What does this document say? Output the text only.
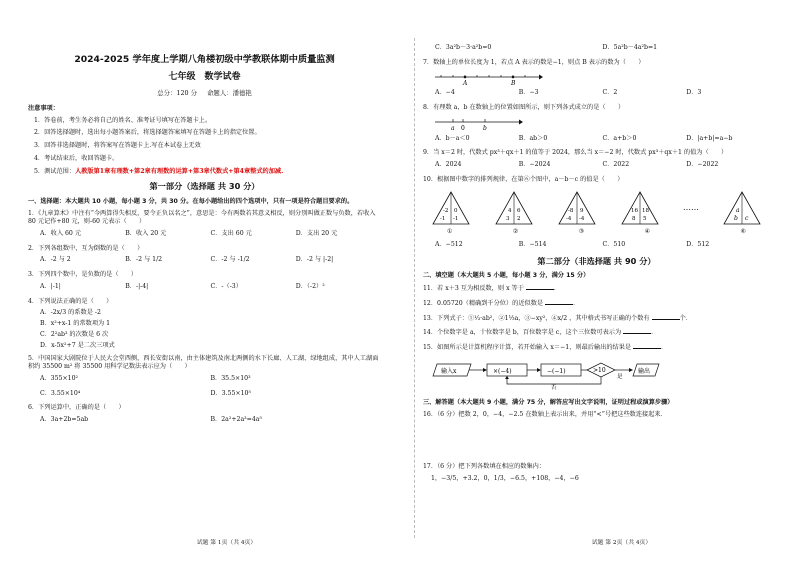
2024-2025 学年度上学期八角楼初级中学教联体期中质量监测
七年级　数学试卷
总分：120 分 命题人：潘德艳
注意事项：
1．答卷前，考生务必将自己的姓名、准考证号填写在答题卡上。
2．回答选择题时，选出每小题答案后，将选择题答案填写在答题卡上的指定位置。
3．回答非选择题时，将答案写在答题卡上.写在本试卷上无效
4．考试结束后，收回答题卡。
5．测试范围：人教版第1章有理数+第2章有理数的运算+第3章代数式+第4章整式的加减.
第一部分（选择题 共 30 分）
一、选择题：本大题共 10 小题，每小题 3 分，共 30 分。在每小题给出的四个选项中，只有一项是符合题目要求的。
1．《九章算术》中注有“今两算得失相反，要令正负以名之”，意思是：今有两数若其意义相反，则分别叫做正数与负数，若收入 80 元记作+80 元，则-60 元表示（　　）
A．收入 60 元	B．收入 20 元	C．支出 60 元	D．支出 20 元
2．下列各组数中，互为倒数的是（　　）
A．-2 与 2	B．-2 与 1/2	C．-2 与 -1/2	D．-2 与 |-2|
3．下列四个数中，是负数的是（　　）
A．|-1|	B．-|-4|	C．-（-3）	D．（-2）²
4．下列说法正确的是（　　）
A．-2x/3 的系数是 -2
B．x²+x-1 的常数项为 1
C．2²ab³ 的次数是 6 次
D．x-5x²+7 是二次三项式
5．中国国家大剧院位于人民大会堂西侧，西长安街以南，由主体建筑及南北两侧的水下长廊、人工湖、绿地组成，其中人工湖面积约 35500 m² 将 35500 用科学记数法表示应为（　　）
A．355×10²	B．35.5×10³
C．3.55×10⁴	D．3.55×10⁵
6．下列运算中，正确的是（　　）
A．3a+2b=5ab	B．2a²+2a³=4a⁵
试题 第 1页（共 4页）
C．3a²b－3·a²b=0	D．5a²b－4a²b=1
7．数轴上的单位长度为 1，若点 A 表示的数是−1，则点 B 表示的数为（　　）
A	B
A．−4	B．−3	C．2	D．3
8．有理数 a，b 在数轴上的位置如图所示，则下列各式成立的是（　　）
a 0	b
A．b－a＜0	B．ab＞0	C．a+b＞0	D．|a+b|=a−b
9．当 x＝2 时，代数式 px³＋qx＋1 的值等于 2024，那么当 x＝−2 时，代数式 px³＋qx＋1 的值为（　　）
A．2024	B．−2024	C．2022	D．−2022
10．根据图中数字的排列规律，在第⑥个图中，a－b－c 的值是（　　）
-2
-1
0
-1
4
3
6
2
-8
-4
9
-4
16
8
18
5
……	a
b c
①	②	③	④	⑥
A．−512	B．−514	C．510	D．512
第二部分（非选择题 共 90 分）
二、填空题（本大题共 5 小题，每小题 3 分，满分 15 分）
11．若 x＋3 互为相反数，则 x 等于	．
12．0.05720（精确到千分位）的近似数是	．
13．下列式子：①¹⁄₃·ab²，②1⅓a，③−xy²，④x/2 ，其中格式书写正确的个数有	个．
14．个位数字是 a，十位数字是 b，百位数字是 c，这个三位数可表示为	．
15．如图所示是计算机程序计算，若开始输入 x＝−1，则最后输出的结果是	．
输入x	×(−4)	−(−1)	>10
是
输出
否
三、解答题（本大题共 9 小题，满分 75 分，解答应写出文字说明，证明过程或演算步骤）
16．（6 分）把数 2，0，−4，−2.5 在数轴上表示出来，并用“<”号把这些数连接起来．
17．（6 分）把下列各数填在相应的数集内：
1，−3/5，+3.2，0，1/3，−6.5，+108，−4，−6
试题 第 2页（共 4页）
